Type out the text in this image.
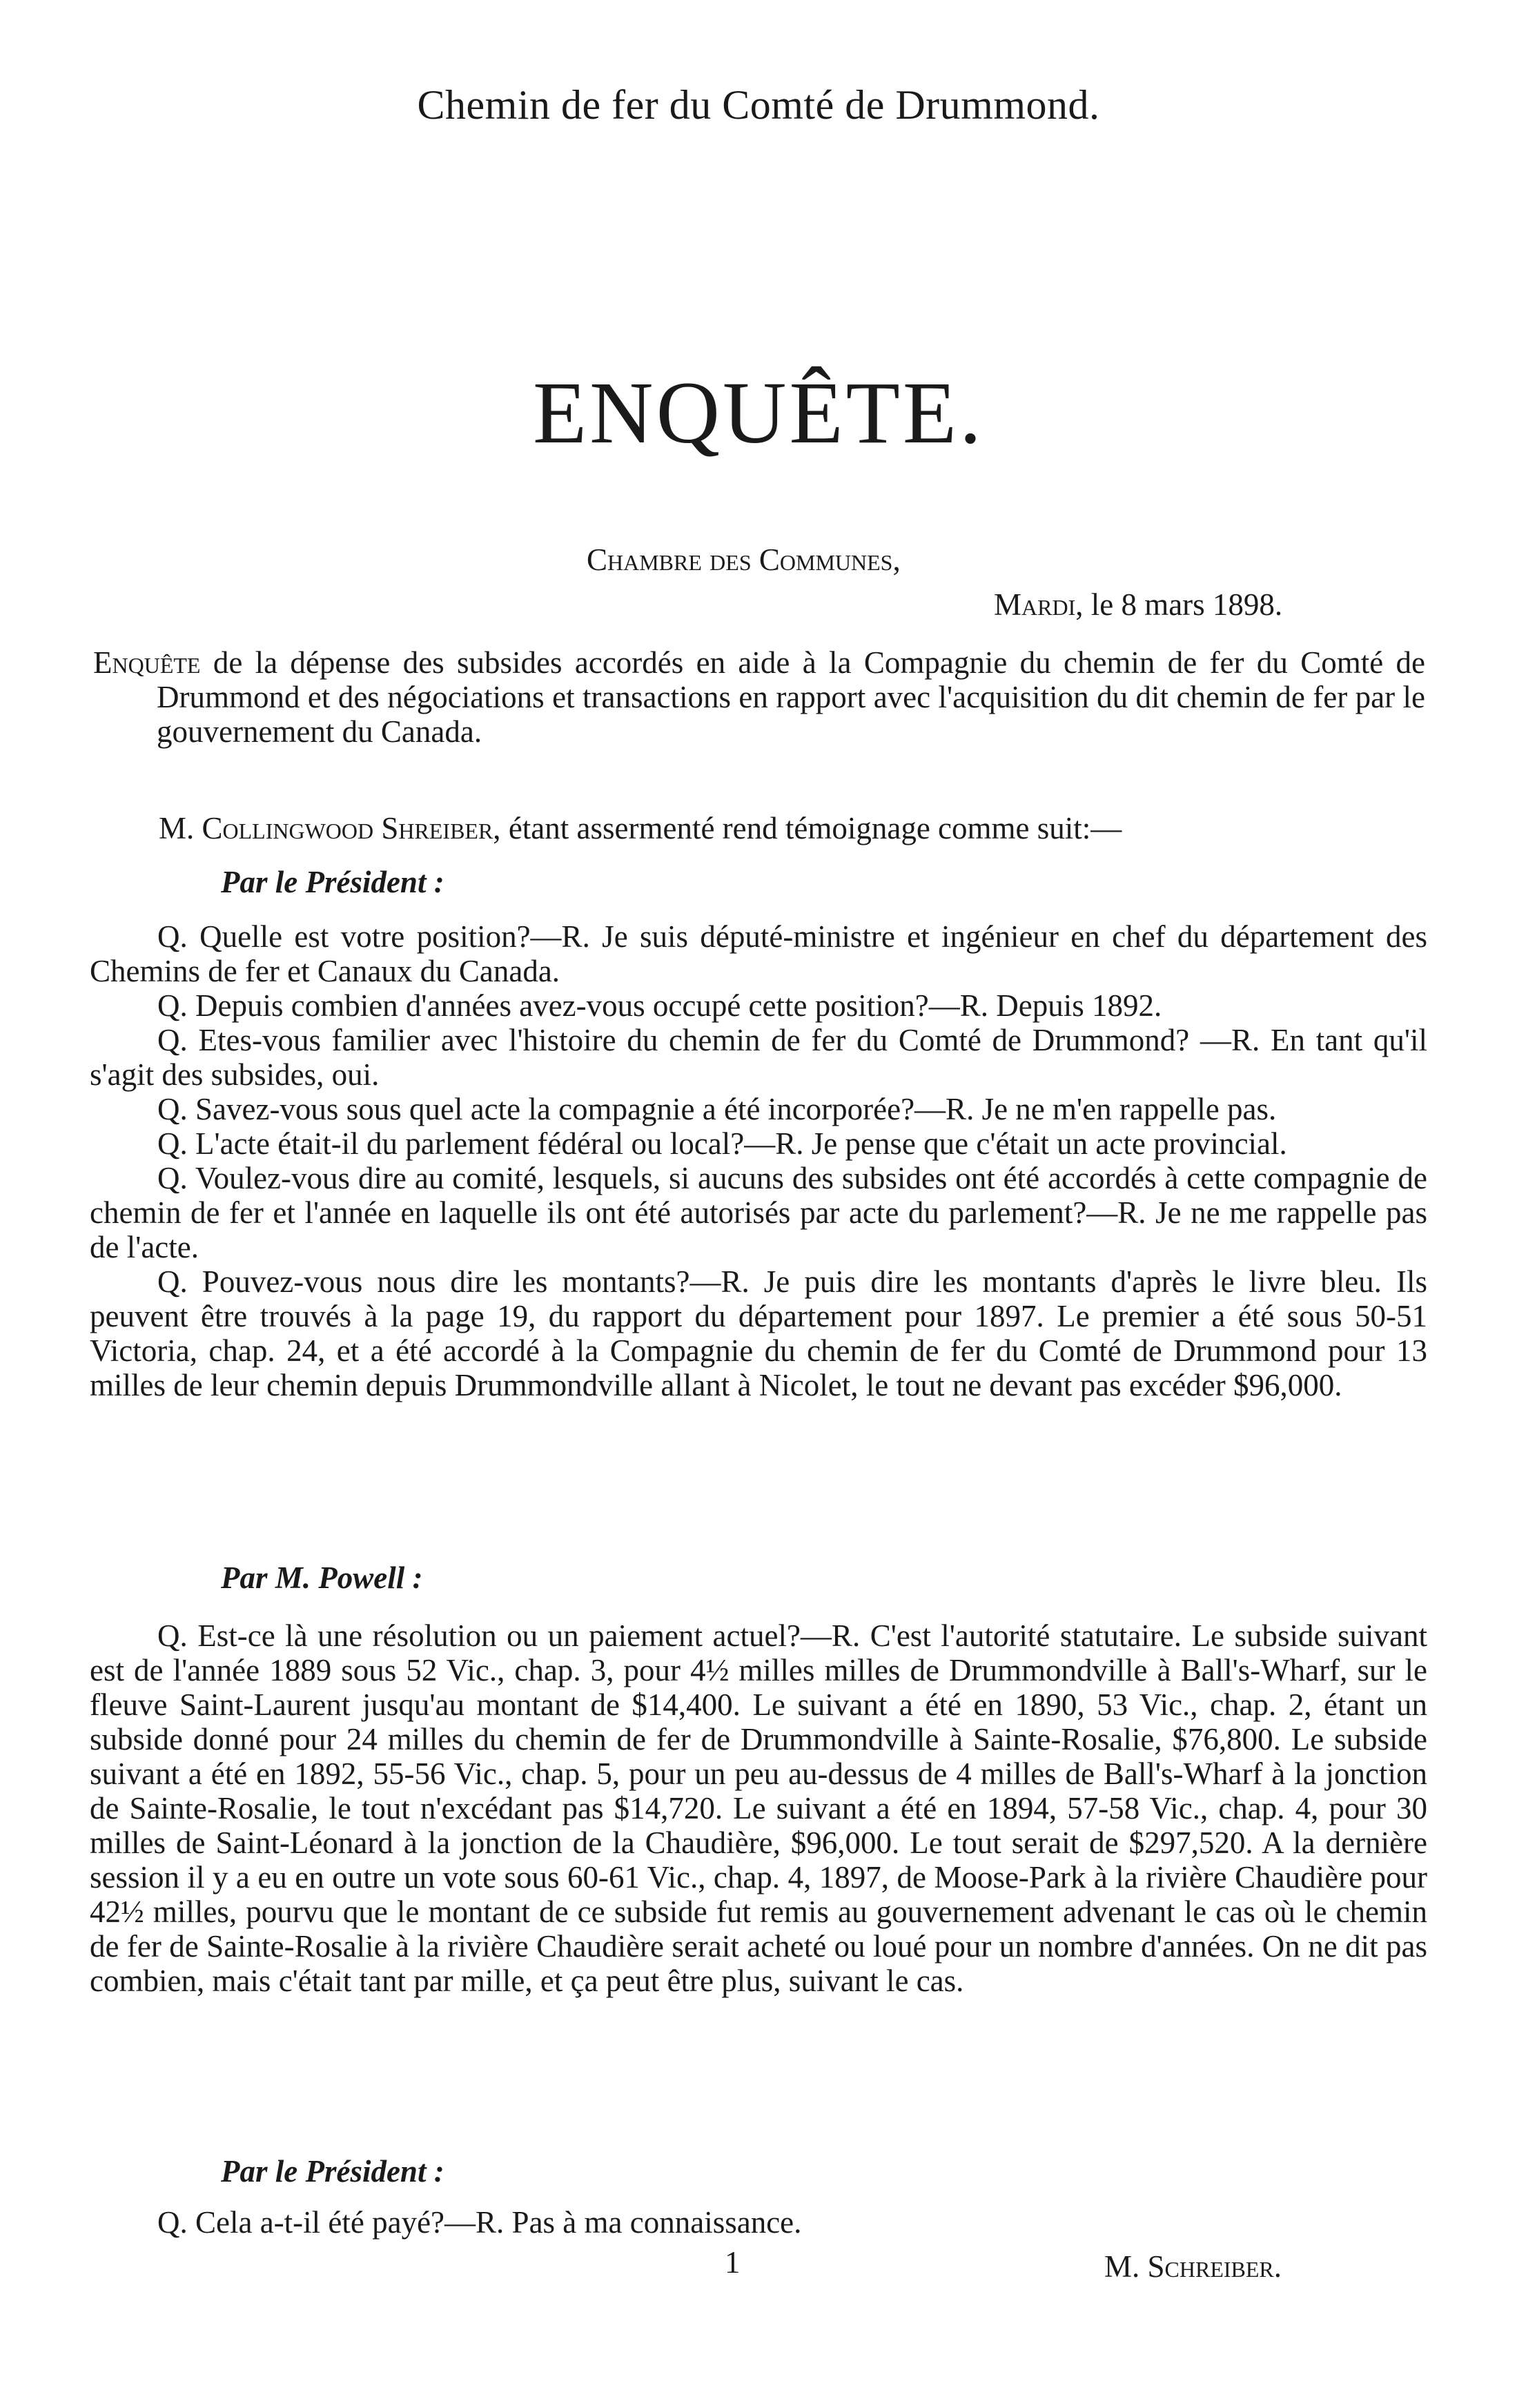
Chemin de fer du Comté de Drummond.
ENQUÊTE.
Chambre des Communes,
Mardi, le 8 mars 1898.
Enquête de la dépense des subsides accordés en aide à la Compagnie du chemin de fer du Comté de Drummond et des négociations et transactions en rapport avec l'acquisition du dit chemin de fer par le gouvernement du Canada.
M. Collingwood Shreiber, étant assermenté rend témoignage comme suit:—
Par le Président :

Q. Quelle est votre position?—R. Je suis député-ministre et ingénieur en chef du département des Chemins de fer et Canaux du Canada.

Q. Depuis combien d'années avez-vous occupé cette position?—R. Depuis 1892.

Q. Etes-vous familier avec l'histoire du chemin de fer du Comté de Drummond? —R. En tant qu'il s'agit des subsides, oui.

Q. Savez-vous sous quel acte la compagnie a été incorporée?—R. Je ne m'en rappelle pas.

Q. L'acte était-il du parlement fédéral ou local?—R. Je pense que c'était un acte provincial.

Q. Voulez-vous dire au comité, lesquels, si aucuns des subsides ont été accordés à cette compagnie de chemin de fer et l'année en laquelle ils ont été autorisés par acte du parlement?—R. Je ne me rappelle pas de l'acte.

Q. Pouvez-vous nous dire les montants?—R. Je puis dire les montants d'après le livre bleu. Ils peuvent être trouvés à la page 19, du rapport du département pour 1897. Le premier a été sous 50-51 Victoria, chap. 24, et a été accordé à la Compagnie du chemin de fer du Comté de Drummond pour 13 milles de leur chemin depuis Drummondville allant à Nicolet, le tout ne devant pas excéder $96,000.

Par M. Powell :

Q. Est-ce là une résolution ou un paiement actuel?—R. C'est l'autorité statutaire. Le subside suivant est de l'année 1889 sous 52 Vic., chap. 3, pour 4½ milles milles de Drummondville à Ball's-Wharf, sur le fleuve Saint-Laurent jusqu'au montant de $14,400. Le suivant a été en 1890, 53 Vic., chap. 2, étant un subside donné pour 24 milles du chemin de fer de Drummondville à Sainte-Rosalie, $76,800. Le subside suivant a été en 1892, 55-56 Vic., chap. 5, pour un peu au-dessus de 4 milles de Ball's-Wharf à la jonction de Sainte-Rosalie, le tout n'excédant pas $14,720. Le suivant a été en 1894, 57-58 Vic., chap. 4, pour 30 milles de Saint-Léonard à la jonction de la Chaudière, $96,000. Le tout serait de $297,520. A la dernière session il y a eu en outre un vote sous 60-61 Vic., chap. 4, 1897, de Moose-Park à la rivière Chaudière pour 42½ milles, pourvu que le montant de ce subside fut remis au gouvernement advenant le cas où le chemin de fer de Sainte-Rosalie à la rivière Chaudière serait acheté ou loué pour un nombre d'années. On ne dit pas combien, mais c'était tant par mille, et ça peut être plus, suivant le cas.

Par le Président :

Q. Cela a-t-il été payé?—R. Pas à ma connaissance.

1	M. Schreiber.
